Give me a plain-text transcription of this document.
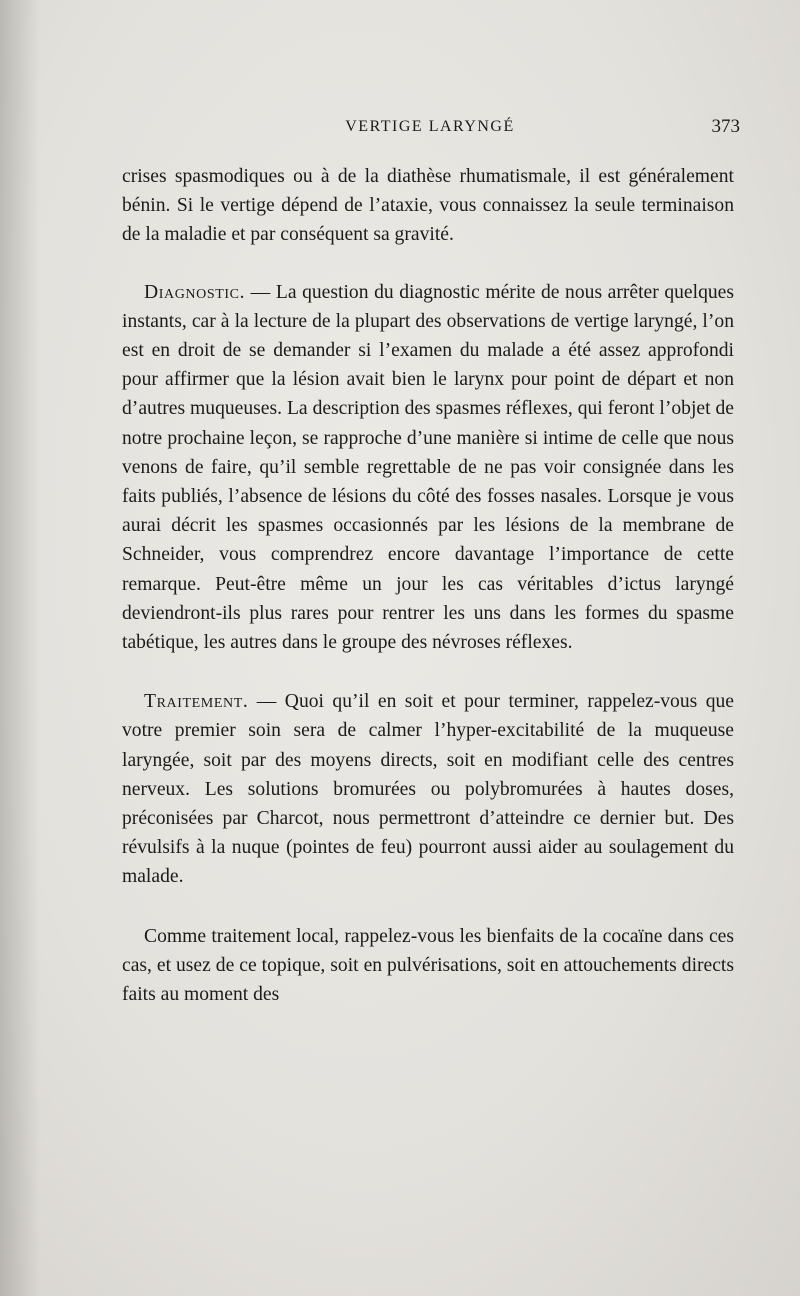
VERTIGE LARYNGÉ	373

crises spasmodiques ou à de la diathèse rhumatismale, il est généralement bénin. Si le vertige dépend de l’ataxie, vous connaissez la seule terminaison de la maladie et par conséquent sa gravité.

Diagnostic. — La question du diagnostic mérite de nous arrêter quelques instants, car à la lecture de la plupart des observations de vertige laryngé, l’on est en droit de se demander si l’examen du malade a été assez approfondi pour affirmer que la lésion avait bien le larynx pour point de départ et non d’autres muqueuses. La description des spasmes réflexes, qui feront l’objet de notre prochaine leçon, se rapproche d’une manière si intime de celle que nous venons de faire, qu’il semble regrettable de ne pas voir consignée dans les faits publiés, l’absence de lésions du côté des fosses nasales. Lorsque je vous aurai décrit les spasmes occasionnés par les lésions de la membrane de Schneider, vous comprendrez encore davantage l’importance de cette remarque. Peut-être même un jour les cas véritables d’ictus laryngé deviendront-ils plus rares pour rentrer les uns dans les formes du spasme tabétique, les autres dans le groupe des névroses réflexes.

Traitement. — Quoi qu’il en soit et pour terminer, rappelez-vous que votre premier soin sera de calmer l’hyper-excitabilité de la muqueuse laryngée, soit par des moyens directs, soit en modifiant celle des centres nerveux. Les solutions bromurées ou polybromurées à hautes doses, préconisées par Charcot, nous permettront d’atteindre ce dernier but. Des révulsifs à la nuque (pointes de feu) pourront aussi aider au soulagement du malade.

Comme traitement local, rappelez-vous les bienfaits de la cocaïne dans ces cas, et usez de ce topique, soit en pulvérisations, soit en attouchements directs faits au moment des
